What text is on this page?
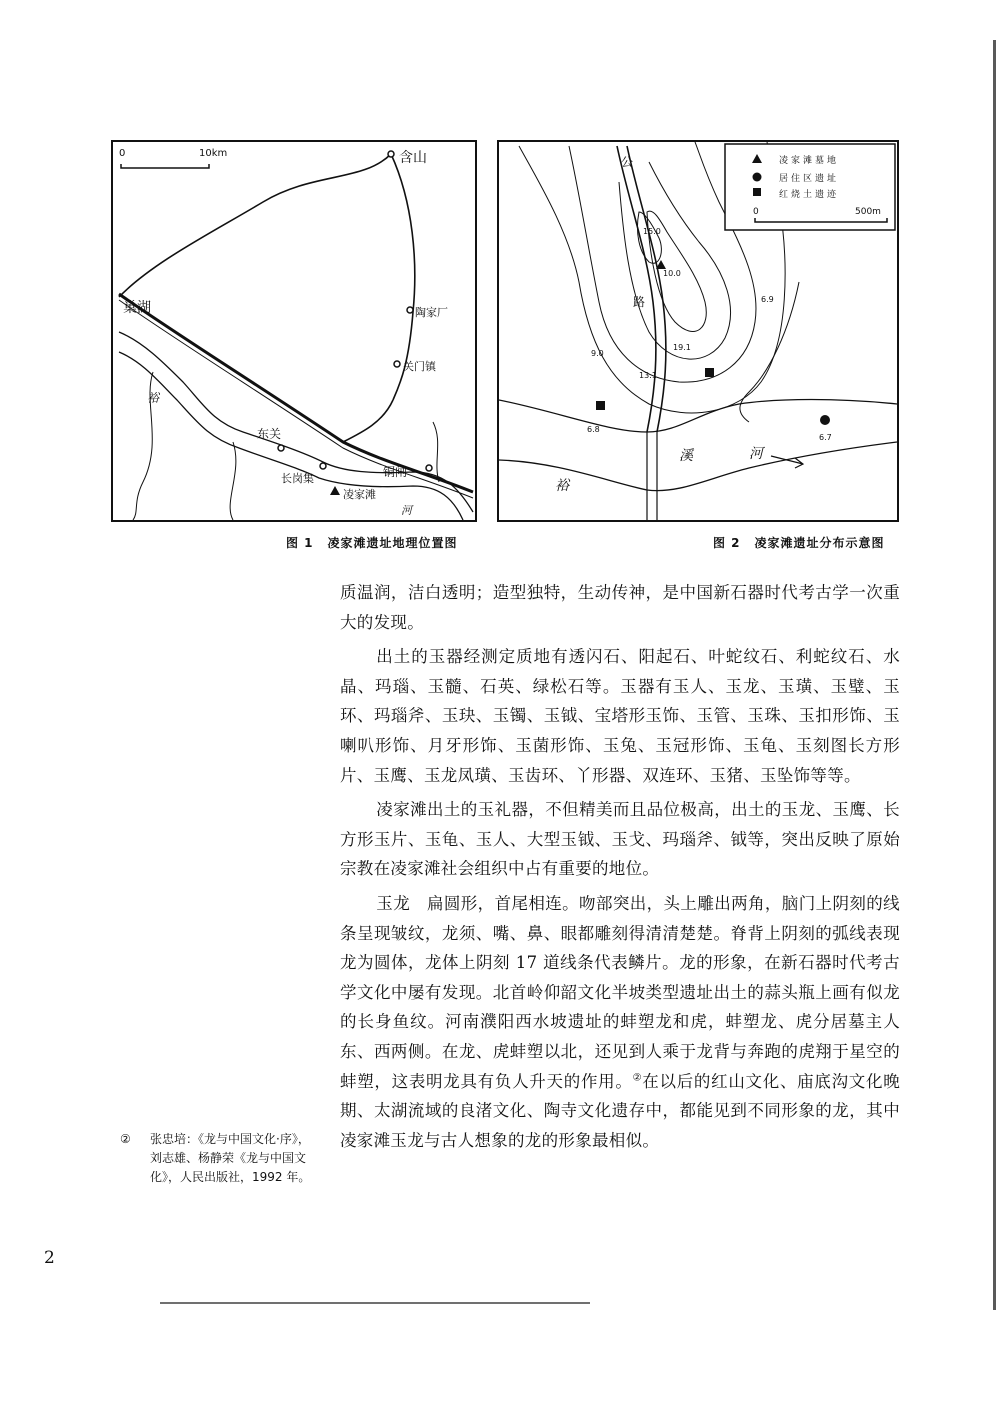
0	10km	含山
巢湖	陶家厂
关门镇
裕
东关
长岗集	铜闸
凌家滩
河
图 1 凌家滩遗址地理位置图
15.0
10.0
19.1
13.1
9.0
6.9
6.8
6.7
公
路
裕
溪	河
凌家滩墓地
居住区遗址
红烧土遗迹
0	500m
图 2 凌家滩遗址分布示意图

质温润，洁白透明；造型独特，生动传神，是中国新石器时代考古学一次重大的发现。

出土的玉器经测定质地有透闪石、阳起石、叶蛇纹石、利蛇纹石、水晶、玛瑙、玉髓、石英、绿松石等。玉器有玉人、玉龙、玉璜、玉璧、玉环、玛瑙斧、玉玦、玉镯、玉钺、宝塔形玉饰、玉管、玉珠、玉扣形饰、玉喇叭形饰、月牙形饰、玉菌形饰、玉兔、玉冠形饰、玉龟、玉刻图长方形片、玉鹰、玉龙凤璜、玉齿环、丫形器、双连环、玉猪、玉坠饰等等。

凌家滩出土的玉礼器，不但精美而且品位极高，出土的玉龙、玉鹰、长方形玉片、玉龟、玉人、大型玉钺、玉戈、玛瑙斧、钺等，突出反映了原始宗教在凌家滩社会组织中占有重要的地位。

玉龙　扁圆形，首尾相连。吻部突出，头上雕出两角，脑门上阴刻的线条呈现皱纹，龙须、嘴、鼻、眼都雕刻得清清楚楚。脊背上阴刻的弧线表现龙为圆体，龙体上阴刻 17 道线条代表鳞片。龙的形象，在新石器时代考古学文化中屡有发现。北首岭仰韶文化半坡类型遗址出土的蒜头瓶上画有似龙的长身鱼纹。河南濮阳西水坡遗址的蚌塑龙和虎，蚌塑龙、虎分居墓主人东、西两侧。在龙、虎蚌塑以北，还见到人乘于龙背与奔跑的虎翔于星空的蚌塑，这表明龙具有负人升天的作用。②在以后的红山文化、庙底沟文化晚期、太湖流域的良渚文化、陶寺文化遗存中，都能见到不同形象的龙，其中凌家滩玉龙与古人想象的龙的形象最相似。

② 张忠培：《龙与中国文化·序》，刘志雄、杨静荣《龙与中国文化》，人民出版社，1992 年。
2
